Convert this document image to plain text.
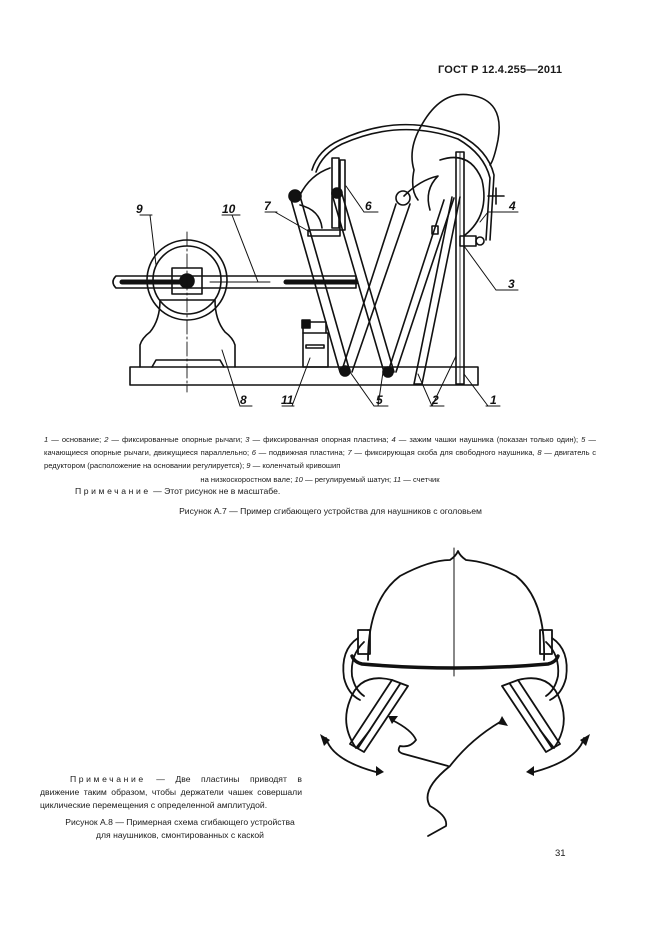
ГОСТ Р 12.4.255—2011
9	10 7	6	4
3
8	11	5	2	1
1 — основание; 2 — фиксированные опорные рычаги; 3 — фиксированная опорная пластина; 4 — зажим чашки наушника (показан только один); 5 — качающиеся опорные рычаги, движущиеся параллельно; 6 — подвижная пластина; 7 — фиксирующая скоба для свободного наушника, 8 — двигатель с редуктором (расположение на основании регулируется); 9 — коленчатый кривошип
на низкоскоростном вале; 10 — регулируемый шатун; 11 — счетчик
Примечание — Этот рисунок не в масштабе.
Рисунок А.7 — Пример сгибающего устройства для наушников с оголовьем
Примечание — Две пластины приводят в движение таким образом, чтобы держатели чашек совершали циклические перемещения с определенной амплитудой.
Рисунок А.8 — Примерная схема сгибающего устройства
для наушников, смонтированных с каской
31
